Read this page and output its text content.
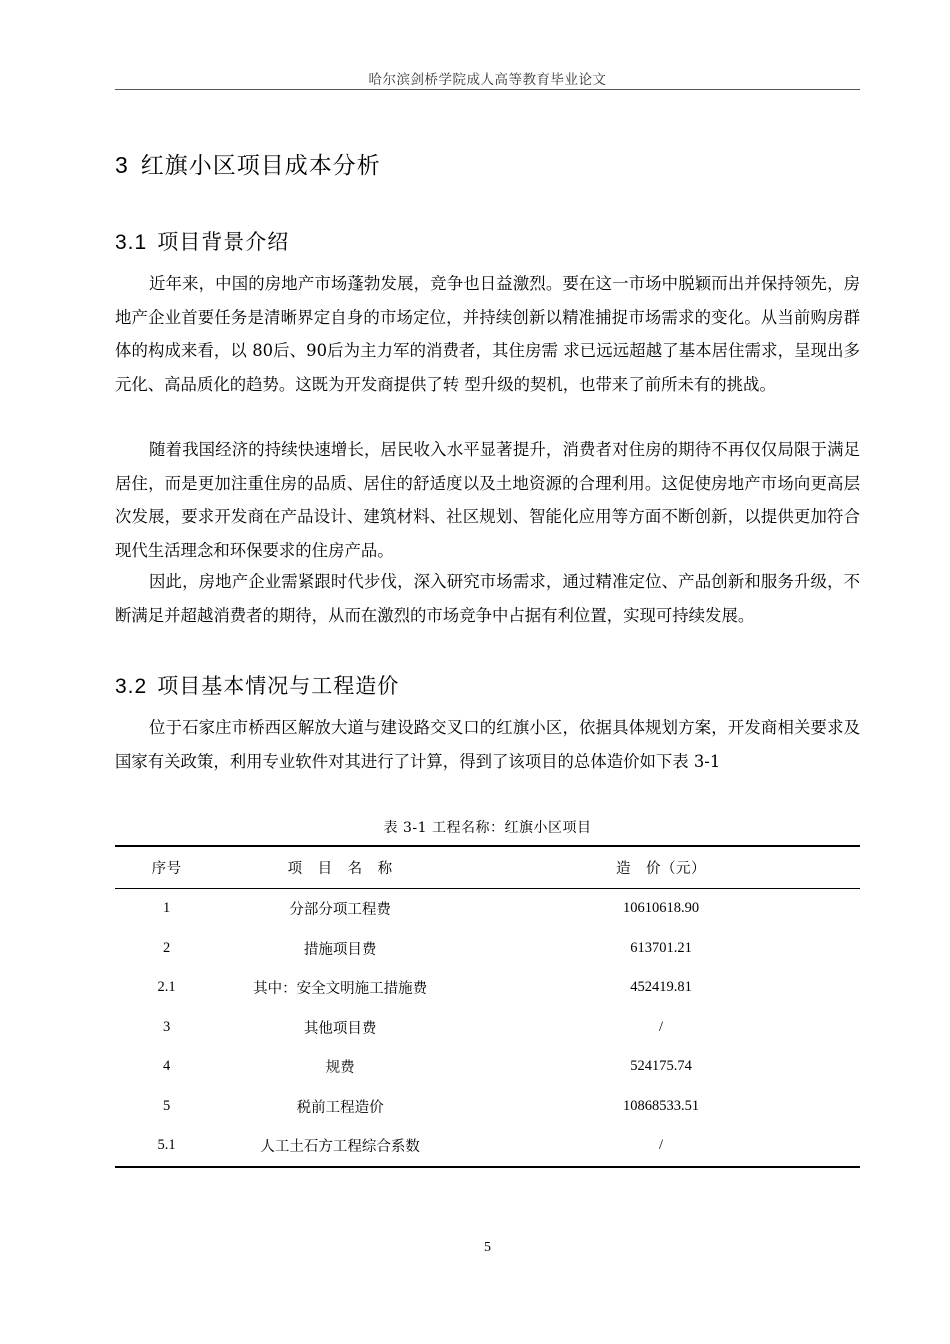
哈尔滨剑桥学院成人高等教育毕业论文
3 红旗小区项目成本分析
3.1 项目背景介绍

近年来，中国的房地产市场蓬勃发展，竞争也日益激烈。要在这一市场中脱颖而出并保持领先，房地产企业首要任务是清晰界定自身的市场定位，并持续创新以精准捕捉市场需求的变化。从当前购房群体的构成来看，以 80后、90后为主力军的消费者，其住房需 求已远远超越了基本居住需求，呈现出多元化、高品质化的趋势。这既为开发商提供了转 型升级的契机，也带来了前所未有的挑战。

随着我国经济的持续快速增长，居民收入水平显著提升，消费者对住房的期待不再仅仅局限于满足居住，而是更加注重住房的品质、居住的舒适度以及土地资源的合理利用。这促使房地产市场向更高层次发展，要求开发商在产品设计、建筑材料、社区规划、智能化应用等方面不断创新，以提供更加符合现代生活理念和环保要求的住房产品。

因此，房地产企业需紧跟时代步伐，深入研究市场需求，通过精准定位、产品创新和服务升级，不断满足并超越消费者的期待，从而在激烈的市场竞争中占据有利位置，实现可持续发展。

3.2 项目基本情况与工程造价

位于石家庄市桥西区解放大道与建设路交叉口的红旗小区，依据具体规划方案，开发商相关要求及国家有关政策，利用专业软件对其进行了计算，得到了该项目的总体造价如下表 3-1

表 3-1 工程名称：红旗小区项目
序号	项　目　名　称	造　价（元）
1	分部分项工程费	10610618.90
2	措施项目费	613701.21
2.1	其中：安全文明施工措施费	452419.81
3	其他项目费	/
4	规费	524175.74
5	税前工程造价	10868533.51
5.1	人工土石方工程综合系数	/
5
